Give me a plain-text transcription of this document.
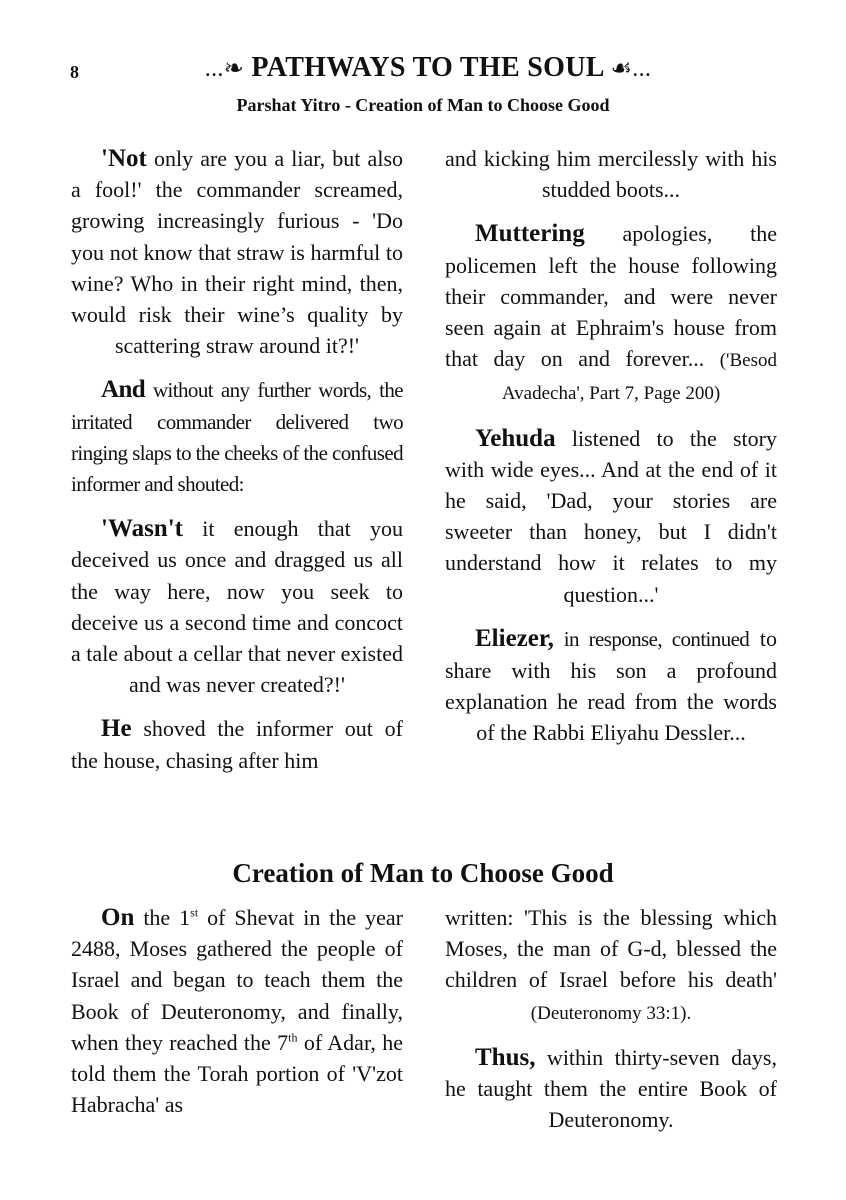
8	...❧ PATHWAYS TO THE SOUL ☙...
Parshat Yitro - Creation of Man to Choose Good

'Not only are you a liar, but also a fool!' the commander screamed, growing increasingly furious - 'Do you not know that straw is harmful to wine? Who in their right mind, then, would risk their wine’s quality by scattering straw around it?!'

And without any further words, the irritated commander delivered two ringing slaps to the cheeks of the confused informer and shouted:

'Wasn't it enough that you deceived us once and dragged us all the way here, now you seek to deceive us a second time and concoct a tale about a cellar that never existed and was never created?!'

He shoved the informer out of the house, chasing after him

and kicking him mercilessly with his studded boots...

Muttering apologies, the policemen left the house following their commander, and were never seen again at Ephraim's house from that day on and forever... ('Besod Avadecha', Part 7, Page 200)

Yehuda listened to the story with wide eyes... And at the end of it he said, 'Dad, your stories are sweeter than honey, but I didn't understand how it relates to my question...'

Eliezer, in response, continued to share with his son a profound explanation he read from the words of the Rabbi Eliyahu Dessler...

Creation of Man to Choose Good

On the 1st of Shevat in the year 2488, Moses gathered the people of Israel and began to teach them the Book of Deuteronomy, and finally, when they reached the 7th of Adar, he told them the Torah portion of 'V'zot Habracha' as

written: 'This is the blessing which Moses, the man of G-d, blessed the children of Israel before his death' (Deuteronomy 33:1).

Thus, within thirty-seven days, he taught them the entire Book of Deuteronomy.
